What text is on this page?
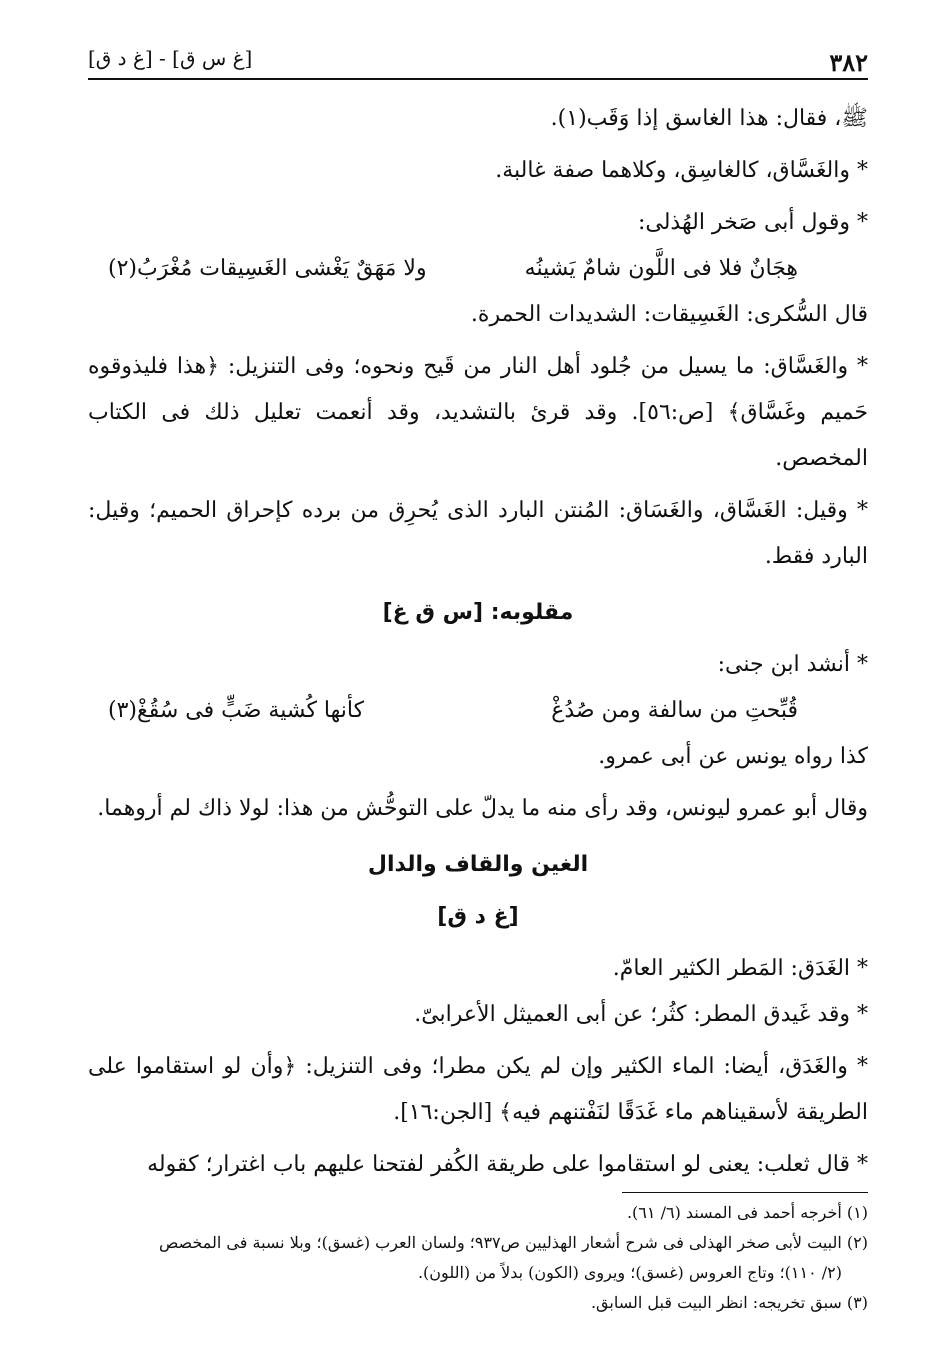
٣٨٢
[غ س ق] - [غ د ق]

ﷺ، فقال: هذا الغاسق إذا وَقَب(١).

* والغَسَّاق، كالغاسِق، وكلاهما صفة غالبة.

* وقول أبى صَخر الهُذلى:

هِجَانٌ فلا فى اللَّون شامٌ يَشينُه
ولا مَهَقٌ يَغْشى الغَسِيقات مُغْرَبُ(٢)

قال السُّكرى: الغَسِيقات: الشديدات الحمرة.

* والغَسَّاق: ما يسيل من جُلود أهل النار من قَيح ونحوه؛ وفى التنزيل: ﴿هذا فليذوقوه حَميم وغَسَّاق﴾ [ص:٥٦]. وقد قرئ بالتشديد، وقد أنعمت تعليل ذلك فى الكتاب المخصص.

* وقيل: الغَسَّاق، والغَسَاق: المُنتن البارد الذى يُحرِق من برده كإحراق الحميم؛ وقيل: البارد فقط.

مقلوبه: [س ق غ]

* أنشد ابن جنى:

قُبِّحتِ من سالفة ومن صُدُغْ
كأنها كُشية ضَبٍّ فى سُقُغْ(٣)

كذا رواه يونس عن أبى عمرو.

وقال أبو عمرو ليونس، وقد رأى منه ما يدلّ على التوحُّش من هذا: لولا ذاك لم أروهما.

الغين والقاف والدال
[غ د ق]

* الغَدَق: المَطر الكثير العامّ.

* وقد غَيدق المطر: كثُر؛ عن أبى العميثل الأعرابىّ.

* والغَدَق، أيضا: الماء الكثير وإن لم يكن مطرا؛ وفى التنزيل: ﴿وأن لو استقاموا على الطريقة لأسقيناهم ماء غَدَقًا لنَفْتنهم فيه﴾ [الجن:١٦].

* قال ثعلب: يعنى لو استقاموا على طريقة الكُفر لفتحنا عليهم باب اغترار؛ كقوله

(١) أخرجه أحمد فى المسند (٦/ ٦١).

(٢) البيت لأبى صخر الهذلى فى شرح أشعار الهذليين ص٩٣٧؛ ولسان العرب (غسق)؛ وبلا نسبة فى المخصص

(٢/ ١١٠)؛ وتاج العروس (غسق)؛ ويروى (الكون) بدلاً من (اللون).

(٣) سبق تخريجه: انظر البيت قبل السابق.
